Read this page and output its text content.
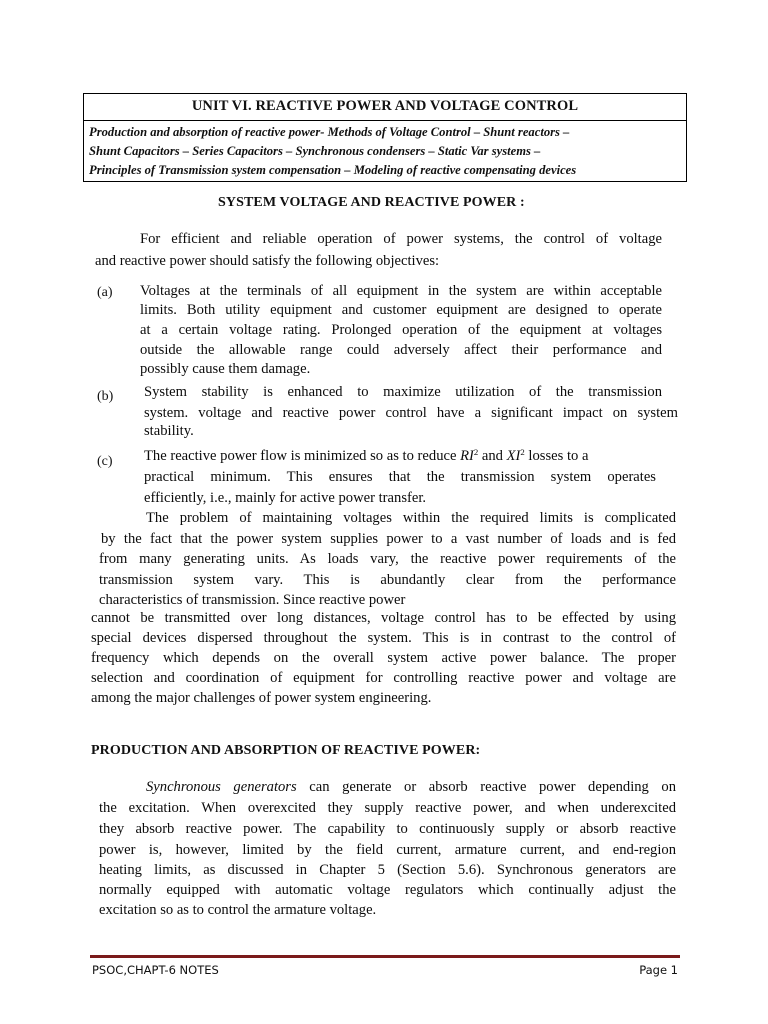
UNIT VI. REACTIVE POWER AND VOLTAGE CONTROL
Production and absorption of reactive power- Methods of Voltage Control – Shunt reactors –
Shunt Capacitors – Series Capacitors – Synchronous condensers – Static Var systems –
Principles of Transmission system compensation – Modeling of reactive compensating devices
SYSTEM VOLTAGE AND REACTIVE POWER :
For efficient and reliable operation of power systems, the control of voltage
and reactive power should satisfy the following objectives:
(a) Voltages at the terminals of all equipment in the system are within acceptable
limits. Both utility equipment and customer equipment are designed to operate
at a certain voltage rating. Prolonged operation of the equipment at voltages
outside the allowable range could adversely affect their performance and
possibly cause them damage.
(b) System stability is enhanced to maximize utilization of the transmission
system. voltage and reactive power control have a significant impact on system
stability.
(c) The reactive power flow is minimized so as to reduce $RI^2$ and $XI^2$ losses to a
practical minimum. This ensures that the transmission system operates
efficiently, i.e., mainly for active power transfer.
The problem of maintaining voltages within the required limits is complicated
by the fact that the power system supplies power to a vast number of loads and is fed
from many generating units. As loads vary, the reactive power requirements of the
transmission system vary. This is abundantly clear from the performance
characteristics of transmission. Since reactive power
cannot be transmitted over long distances, voltage control has to be effected by using
special devices dispersed throughout the system. This is in contrast to the control of
frequency which depends on the overall system active power balance. The proper
selection and coordination of equipment for controlling reactive power and voltage are
among the major challenges of power system engineering.
PRODUCTION AND ABSORPTION OF REACTIVE POWER:
Synchronous generators can generate or absorb reactive power depending on
the excitation. When overexcited they supply reactive power, and when underexcited
they absorb reactive power. The capability to continuously supply or absorb reactive
power is, however, limited by the field current, armature current, and end-region
heating limits, as discussed in Chapter 5 (Section 5.6). Synchronous generators are
normally equipped with automatic voltage regulators which continually adjust the
excitation so as to control the armature voltage.
PSOC,CHAPT-6 NOTES	Page 1
